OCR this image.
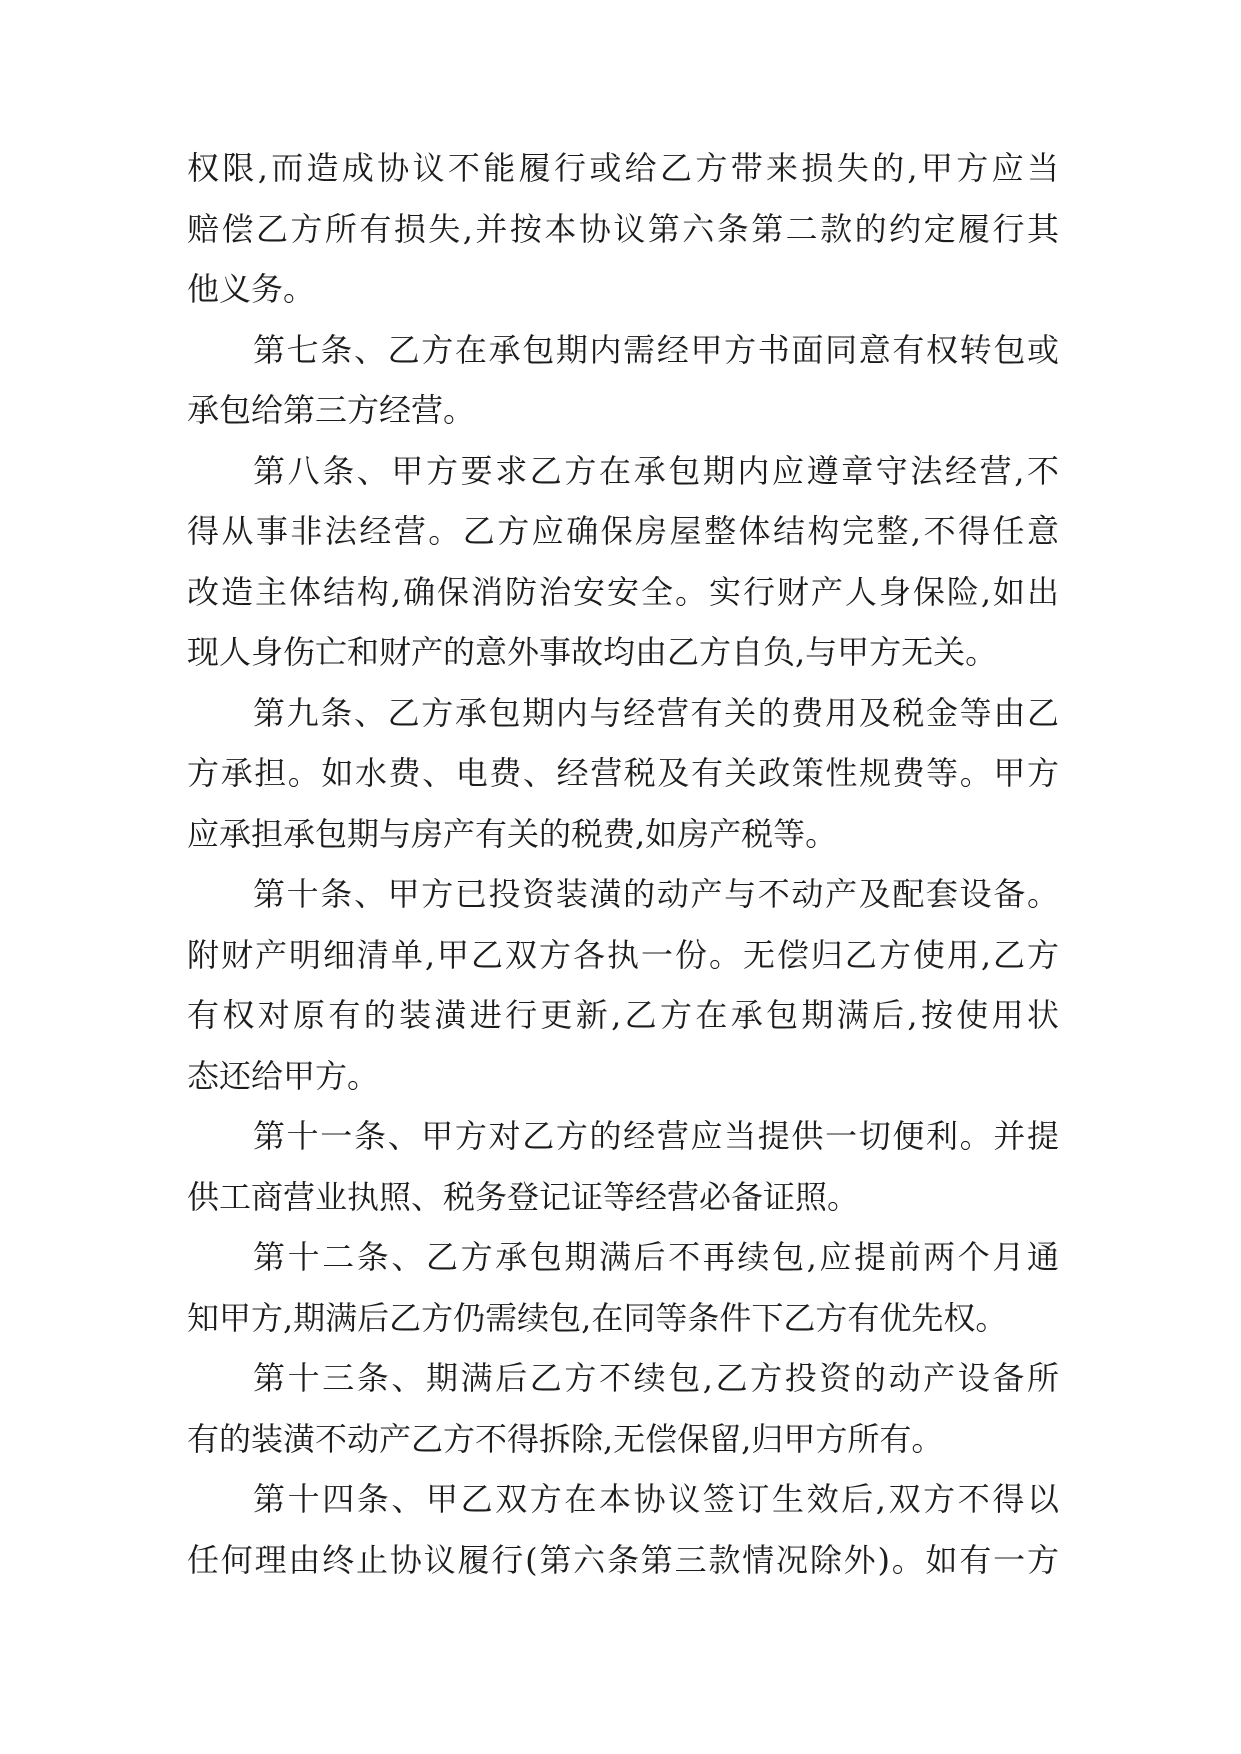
权限,而造成协议不能履行或给乙方带来损失的,甲方应当
赔偿乙方所有损失,并按本协议第六条第二款的约定履行其
他义务。
第七条、乙方在承包期内需经甲方书面同意有权转包或
承包给第三方经营。
第八条、甲方要求乙方在承包期内应遵章守法经营,不
得从事非法经营。乙方应确保房屋整体结构完整,不得任意
改造主体结构,确保消防治安安全。实行财产人身保险,如出
现人身伤亡和财产的意外事故均由乙方自负,与甲方无关。
第九条、乙方承包期内与经营有关的费用及税金等由乙
方承担。如水费、电费、经营税及有关政策性规费等。甲方
应承担承包期与房产有关的税费,如房产税等。
第十条、甲方已投资装潢的动产与不动产及配套设备。
附财产明细清单,甲乙双方各执一份。无偿归乙方使用,乙方
有权对原有的装潢进行更新,乙方在承包期满后,按使用状
态还给甲方。
第十一条、甲方对乙方的经营应当提供一切便利。并提
供工商营业执照、税务登记证等经营必备证照。
第十二条、乙方承包期满后不再续包,应提前两个月通
知甲方,期满后乙方仍需续包,在同等条件下乙方有优先权。
第十三条、期满后乙方不续包,乙方投资的动产设备所
有的装潢不动产乙方不得拆除,无偿保留,归甲方所有。
第十四条、甲乙双方在本协议签订生效后,双方不得以
任何理由终止协议履行(第六条第三款情况除外)。如有一方
